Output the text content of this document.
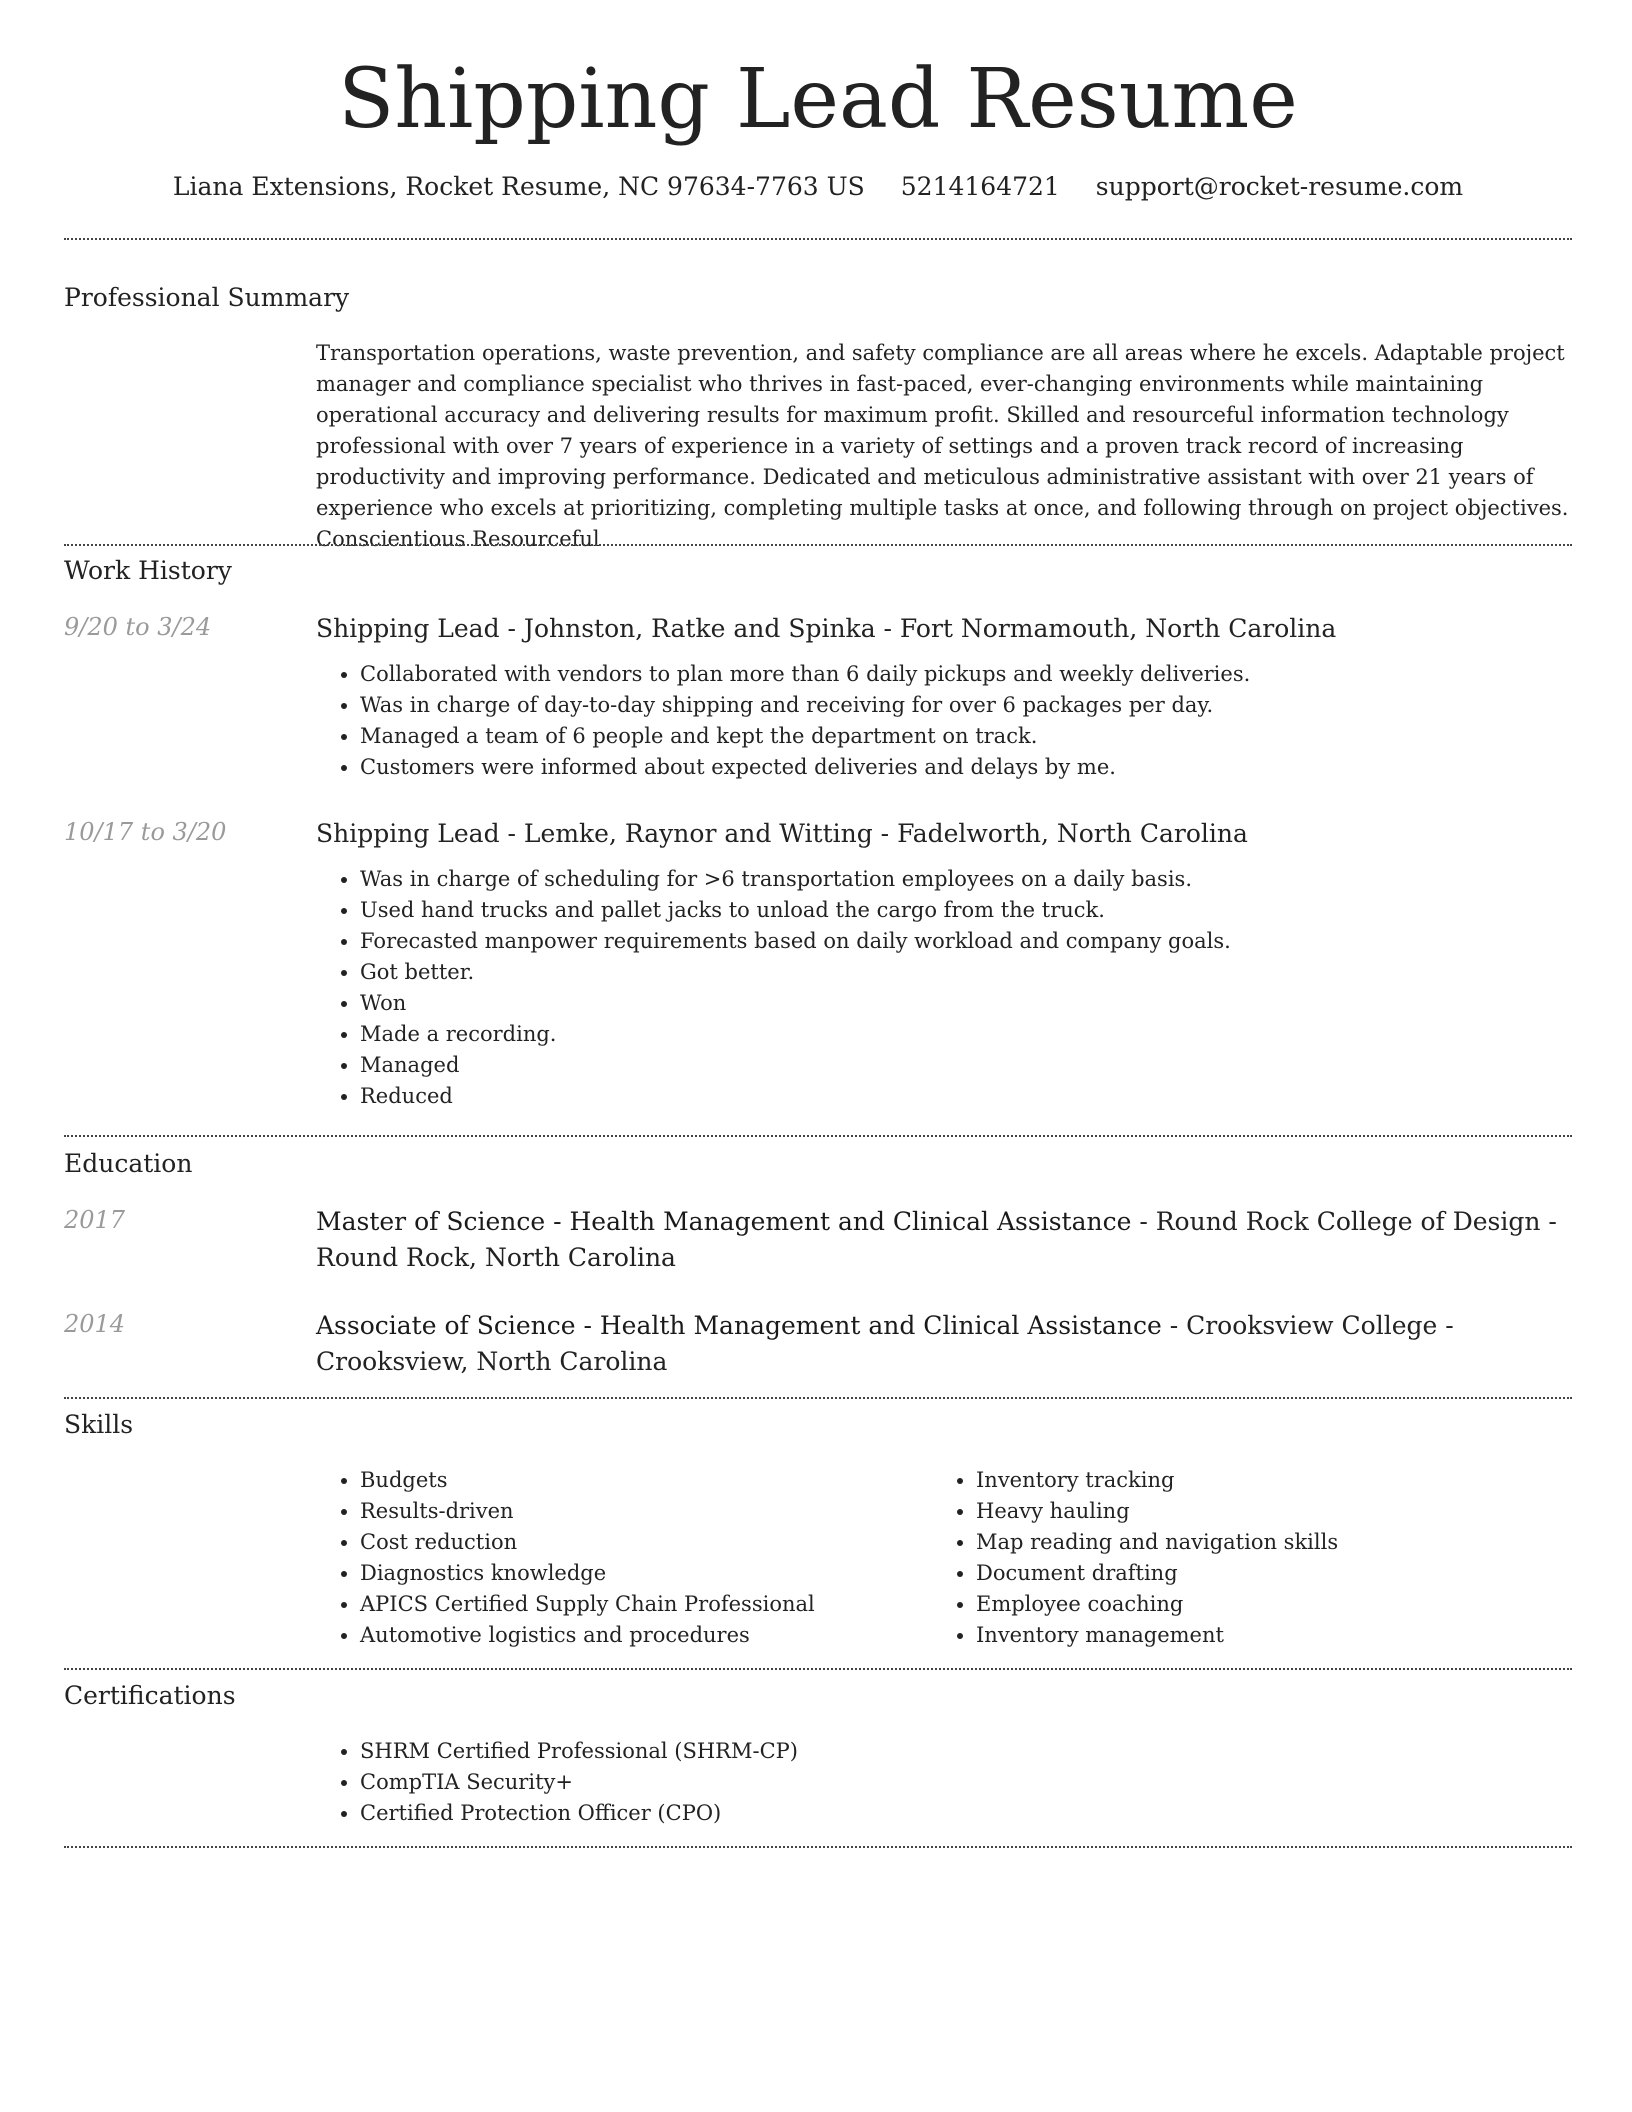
Shipping Lead Resume
Liana Extensions, Rocket Resume, NC 97634-7763 US 5214164721 support@rocket-resume.com
Professional Summary
Transportation operations, waste prevention, and safety compliance are all areas where he excels. Adaptable project manager and compliance specialist who thrives in fast-paced, ever-changing environments while maintaining operational accuracy and delivering results for maximum profit. Skilled and resourceful information technology professional with over 7 years of experience in a variety of settings and a proven track record of increasing productivity and improving performance. Dedicated and meticulous administrative assistant with over 21 years of experience who excels at prioritizing, completing multiple tasks at once, and following through on project objectives. Conscientious Resourceful
Work History
9/20 to 3/24	Shipping Lead - Johnston, Ratke and Spinka - Fort Normamouth, North Carolina
• Collaborated with vendors to plan more than 6 daily pickups and weekly deliveries.
• Was in charge of day-to-day shipping and receiving for over 6 packages per day.
• Managed a team of 6 people and kept the department on track.
• Customers were informed about expected deliveries and delays by me.
10/17 to 3/20	Shipping Lead - Lemke, Raynor and Witting - Fadelworth, North Carolina
• Was in charge of scheduling for >6 transportation employees on a daily basis.
• Used hand trucks and pallet jacks to unload the cargo from the truck.
• Forecasted manpower requirements based on daily workload and company goals.
• Got better.
• Won
• Made a recording.
• Managed
• Reduced
Education
2017	Master of Science - Health Management and Clinical Assistance - Round Rock College of Design - Round Rock, North Carolina
2014	Associate of Science - Health Management and Clinical Assistance - Crooksview College - Crooksview, North Carolina
Skills
• Budgets
• Results-driven
• Cost reduction
• Diagnostics knowledge
• APICS Certified Supply Chain Professional
• Automotive logistics and procedures
• Inventory tracking
• Heavy hauling
• Map reading and navigation skills
• Document drafting
• Employee coaching
• Inventory management
Certifications
• SHRM Certified Professional (SHRM-CP)
• CompTIA Security+
• Certified Protection Officer (CPO)
